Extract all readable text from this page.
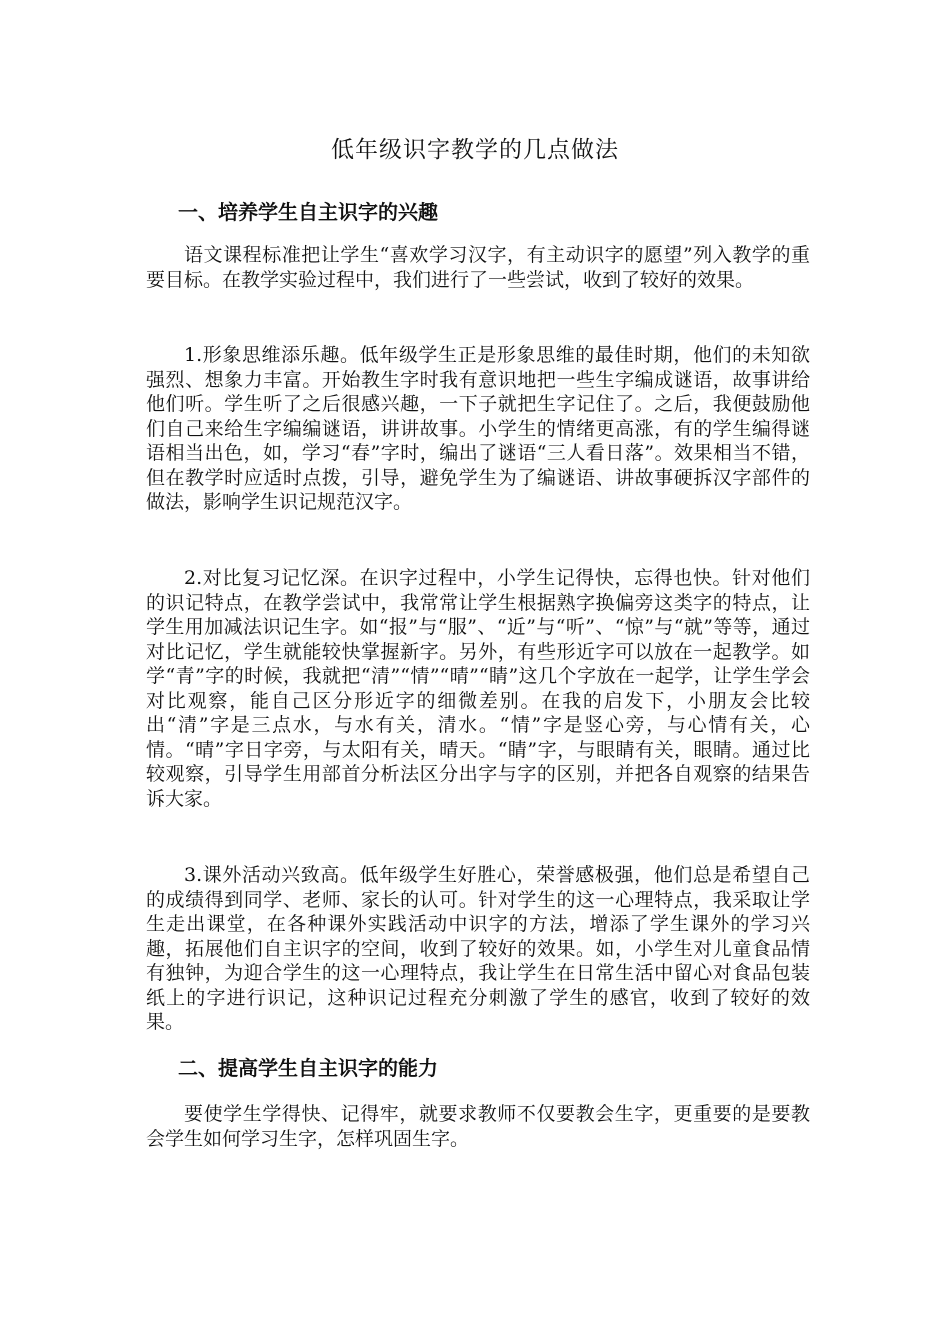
低年级识字教学的几点做法
一、培养学生自主识字的兴趣

语文课程标准把让学生“喜欢学习汉字，有主动识字的愿望”列入教学的重要目标。在教学实验过程中，我们进行了一些尝试，收到了较好的效果。

1.形象思维添乐趣。低年级学生正是形象思维的最佳时期，他们的未知欲强烈、想象力丰富。开始教生字时我有意识地把一些生字编成谜语，故事讲给他们听。学生听了之后很感兴趣，一下子就把生字记住了。之后，我便鼓励他们自己来给生字编编谜语，讲讲故事。小学生的情绪更高涨，有的学生编得谜语相当出色，如，学习“春”字时，编出了谜语“三人看日落”。效果相当不错，但在教学时应适时点拨，引导，避免学生为了编谜语、讲故事硬拆汉字部件的做法，影响学生识记规范汉字。

2.对比复习记忆深。在识字过程中，小学生记得快，忘得也快。针对他们的识记特点，在教学尝试中，我常常让学生根据熟字换偏旁这类字的特点，让学生用加减法识记生字。如“报”与“服”、“近”与“听”、“惊”与“就”等等，通过对比记忆，学生就能较快掌握新字。另外，有些形近字可以放在一起教学。如学“青”字的时候，我就把“清”“情”“晴”“睛”这几个字放在一起学，让学生学会对比观察，能自己区分形近字的细微差别。在我的启发下，小朋友会比较出“清”字是三点水，与水有关，清水。“情”字是竖心旁，与心情有关，心情。“晴”字日字旁，与太阳有关，晴天。“睛”字，与眼睛有关，眼睛。通过比较观察，引导学生用部首分析法区分出字与字的区别，并把各自观察的结果告诉大家。

3.课外活动兴致高。低年级学生好胜心，荣誉感极强，他们总是希望自己的成绩得到同学、老师、家长的认可。针对学生的这一心理特点，我采取让学生走出课堂，在各种课外实践活动中识字的方法，增添了学生课外的学习兴趣，拓展他们自主识字的空间，收到了较好的效果。如，小学生对儿童食品情有独钟，为迎合学生的这一心理特点，我让学生在日常生活中留心对食品包装纸上的字进行识记，这种识记过程充分刺激了学生的感官，收到了较好的效果。

二、提高学生自主识字的能力

要使学生学得快、记得牢，就要求教师不仅要教会生字，更重要的是要教会学生如何学习生字，怎样巩固生字。
